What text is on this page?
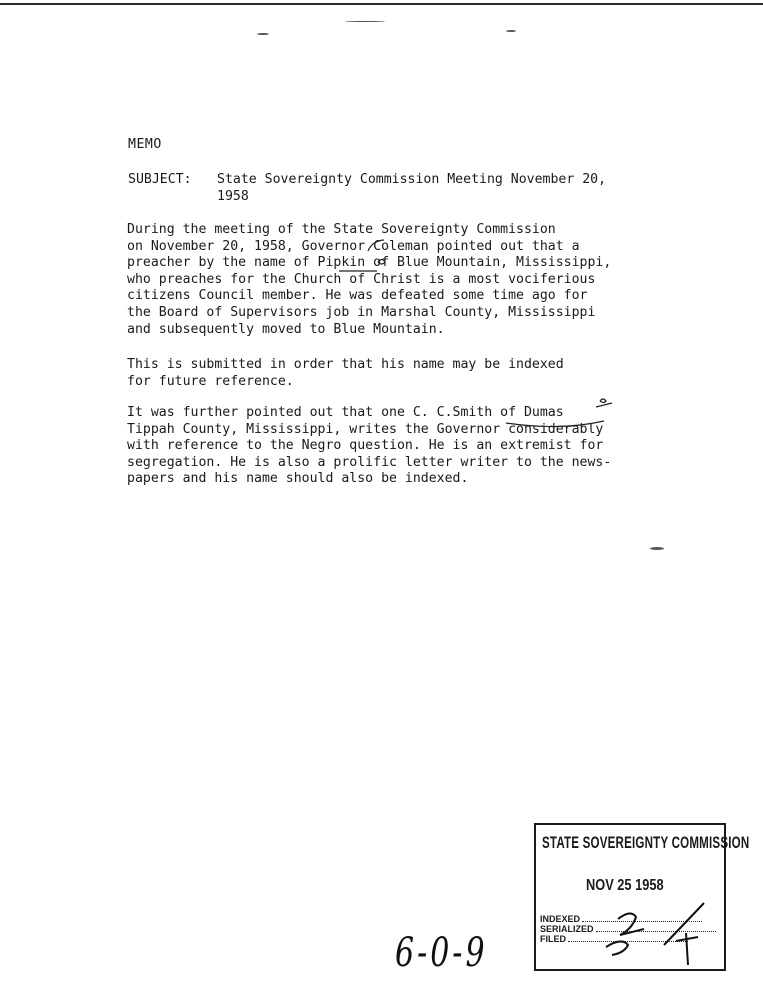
MEMO
SUBJECT: State Sovereignty Commission Meeting November 20,
1958

During the meeting of the State Sovereignty Commission
on November 20, 1958, Governor Coleman pointed out that a
preacher by the name of Pipkin of Blue Mountain, Mississippi,
who preaches for the Church of Christ is a most vociferious
citizens Council member. He was defeated some time ago for
the Board of Supervisors job in Marshal County, Mississippi
and subsequently moved to Blue Mountain.

This is submitted in order that his name may be indexed
for future reference.

It was further pointed out that one C. C.Smith of Dumas
Tippah County, Mississippi, writes the Governor considerably
with reference to the Negro question. He is an extremist for
segregation. He is also a prolific letter writer to the news-
papers and his name should also be indexed.

STATE SOVEREIGNTY COMMISSION
NOV 25 1958
INDEXED
SERIALIZED
FILED
6-0-9
